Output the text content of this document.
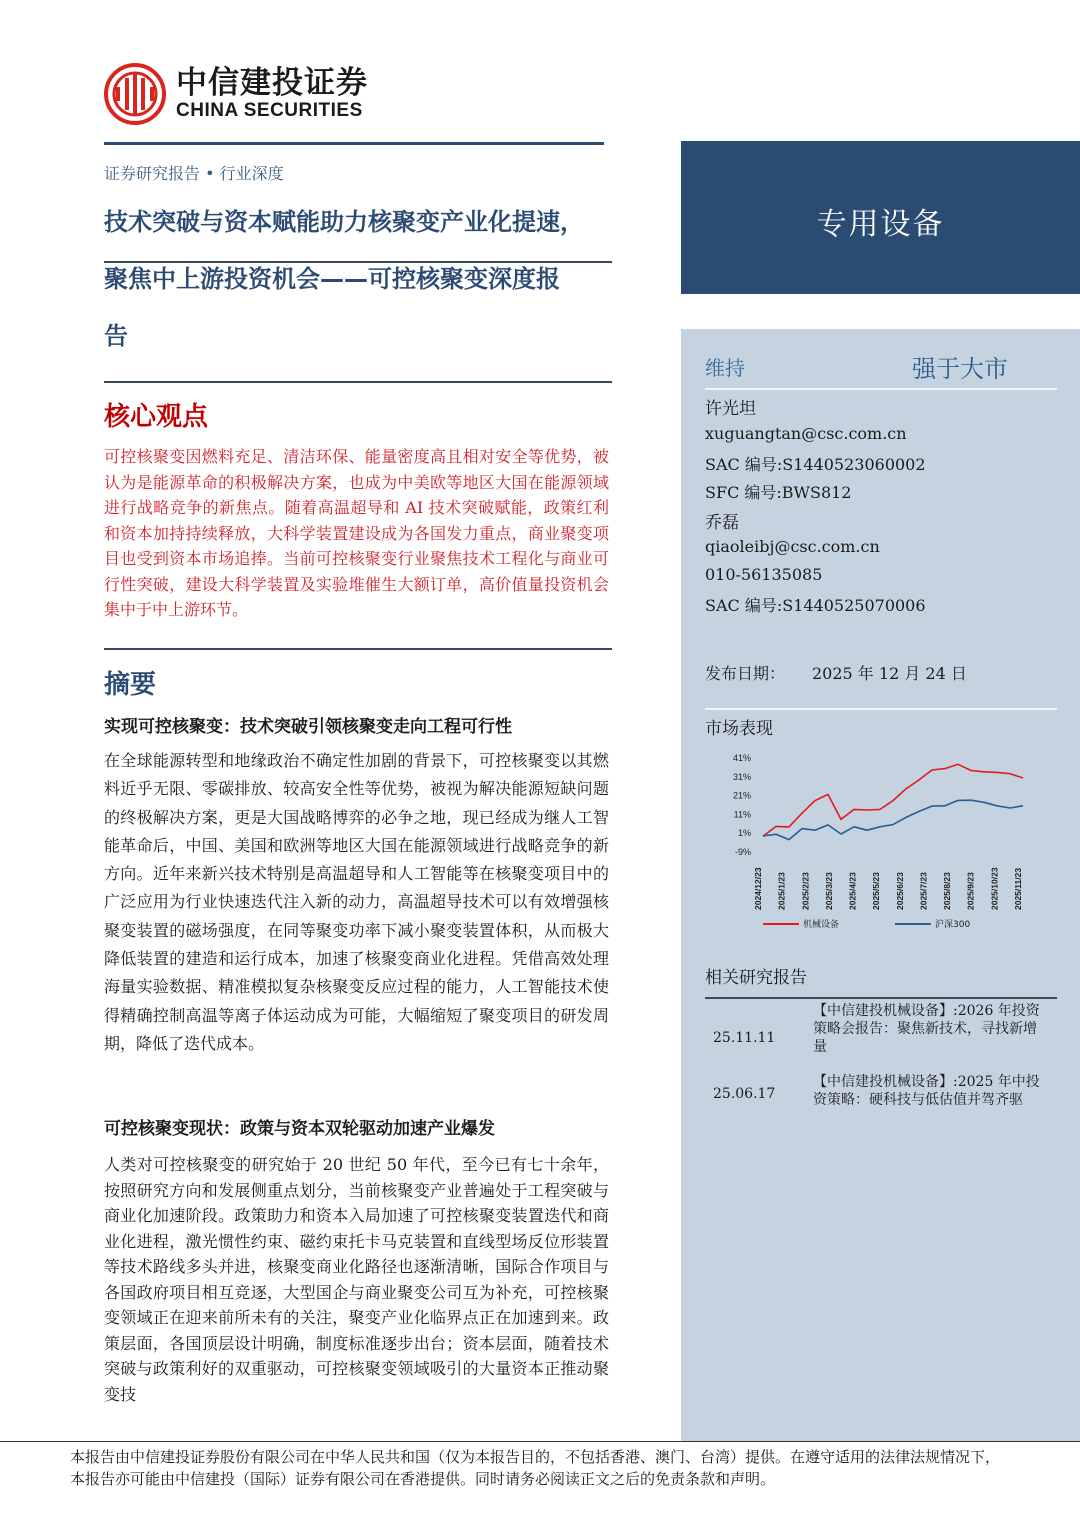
中信建投证券
CHINA SECURITIES
证券研究报告 • 行业深度
技术突破与资本赋能助力核聚变产业化提速，
聚焦中上游投资机会——可控核聚变深度报
告
核心观点
可控核聚变因燃料充足、清洁环保、能量密度高且相对安全等优势，被认为是能源革命的积极解决方案，也成为中美欧等地区大国在能源领域进行战略竞争的新焦点。随着高温超导和 AI 技术突破赋能，政策红利和资本加持持续释放，大科学装置建设成为各国发力重点，商业聚变项目也受到资本市场追捧。当前可控核聚变行业聚焦技术工程化与商业可行性突破，建设大科学装置及实验堆催生大额订单，高价值量投资机会集中于中上游环节。
摘要
实现可控核聚变：技术突破引领核聚变走向工程可行性
在全球能源转型和地缘政治不确定性加剧的背景下，可控核聚变以其燃料近乎无限、零碳排放、较高安全性等优势，被视为解决能源短缺问题的终极解决方案，更是大国战略博弈的必争之地，现已经成为继人工智能革命后，中国、美国和欧洲等地区大国在能源领域进行战略竞争的新方向。近年来新兴技术特别是高温超导和人工智能等在核聚变项目中的广泛应用为行业快速迭代注入新的动力，高温超导技术可以有效增强核聚变装置的磁场强度，在同等聚变功率下减小聚变装置体积，从而极大降低装置的建造和运行成本，加速了核聚变商业化进程。凭借高效处理海量实验数据、精准模拟复杂核聚变反应过程的能力，人工智能技术使得精确控制高温等离子体运动成为可能，大幅缩短了聚变项目的研发周期，降低了迭代成本。
可控核聚变现状：政策与资本双轮驱动加速产业爆发
人类对可控核聚变的研究始于 20 世纪 50 年代，至今已有七十余年，按照研究方向和发展侧重点划分，当前核聚变产业普遍处于工程突破与商业化加速阶段。政策助力和资本入局加速了可控核聚变装置迭代和商业化进程，激光惯性约束、磁约束托卡马克装置和直线型场反位形装置等技术路线多头并进，核聚变商业化路径也逐渐清晰，国际合作项目与各国政府项目相互竞逐，大型国企与商业聚变公司互为补充，可控核聚变领域正在迎来前所未有的关注，聚变产业化临界点正在加速到来。政策层面，各国顶层设计明确，制度标准逐步出台；资本层面，随着技术突破与政策利好的双重驱动，可控核聚变领域吸引的大量资本正推动聚变技
专用设备
维持	强于大市
许光坦
xuguangtan@csc.com.cn
SAC 编号:S1440523060002
SFC 编号:BWS812
乔磊
qiaoleibj@csc.com.cn
010-56135085
SAC 编号:S1440525070006
发布日期： 2025 年 12 月 24 日
市场表现
41%
31%
21%
11%
1%
-9%
2024/12/23 2025/1/23 2025/2/23 2025/3/23 2025/4/23 2025/5/23 2025/6/23 2025/7/23 2025/8/23 2025/9/23 2025/10/23 2025/11/23
机械设备	沪深300
相关研究报告
25.11.11
【中信建投机械设备】:2026 年投资策略会报告：聚焦新技术，寻找新增量
25.06.17
【中信建投机械设备】:2025 年中投资策略：硬科技与低估值并驾齐驱
本报告由中信建投证券股份有限公司在中华人民共和国（仅为本报告目的，不包括香港、澳门、台湾）提供。在遵守适用的法律法规情况下，
本报告亦可能由中信建投（国际）证券有限公司在香港提供。同时请务必阅读正文之后的免责条款和声明。
